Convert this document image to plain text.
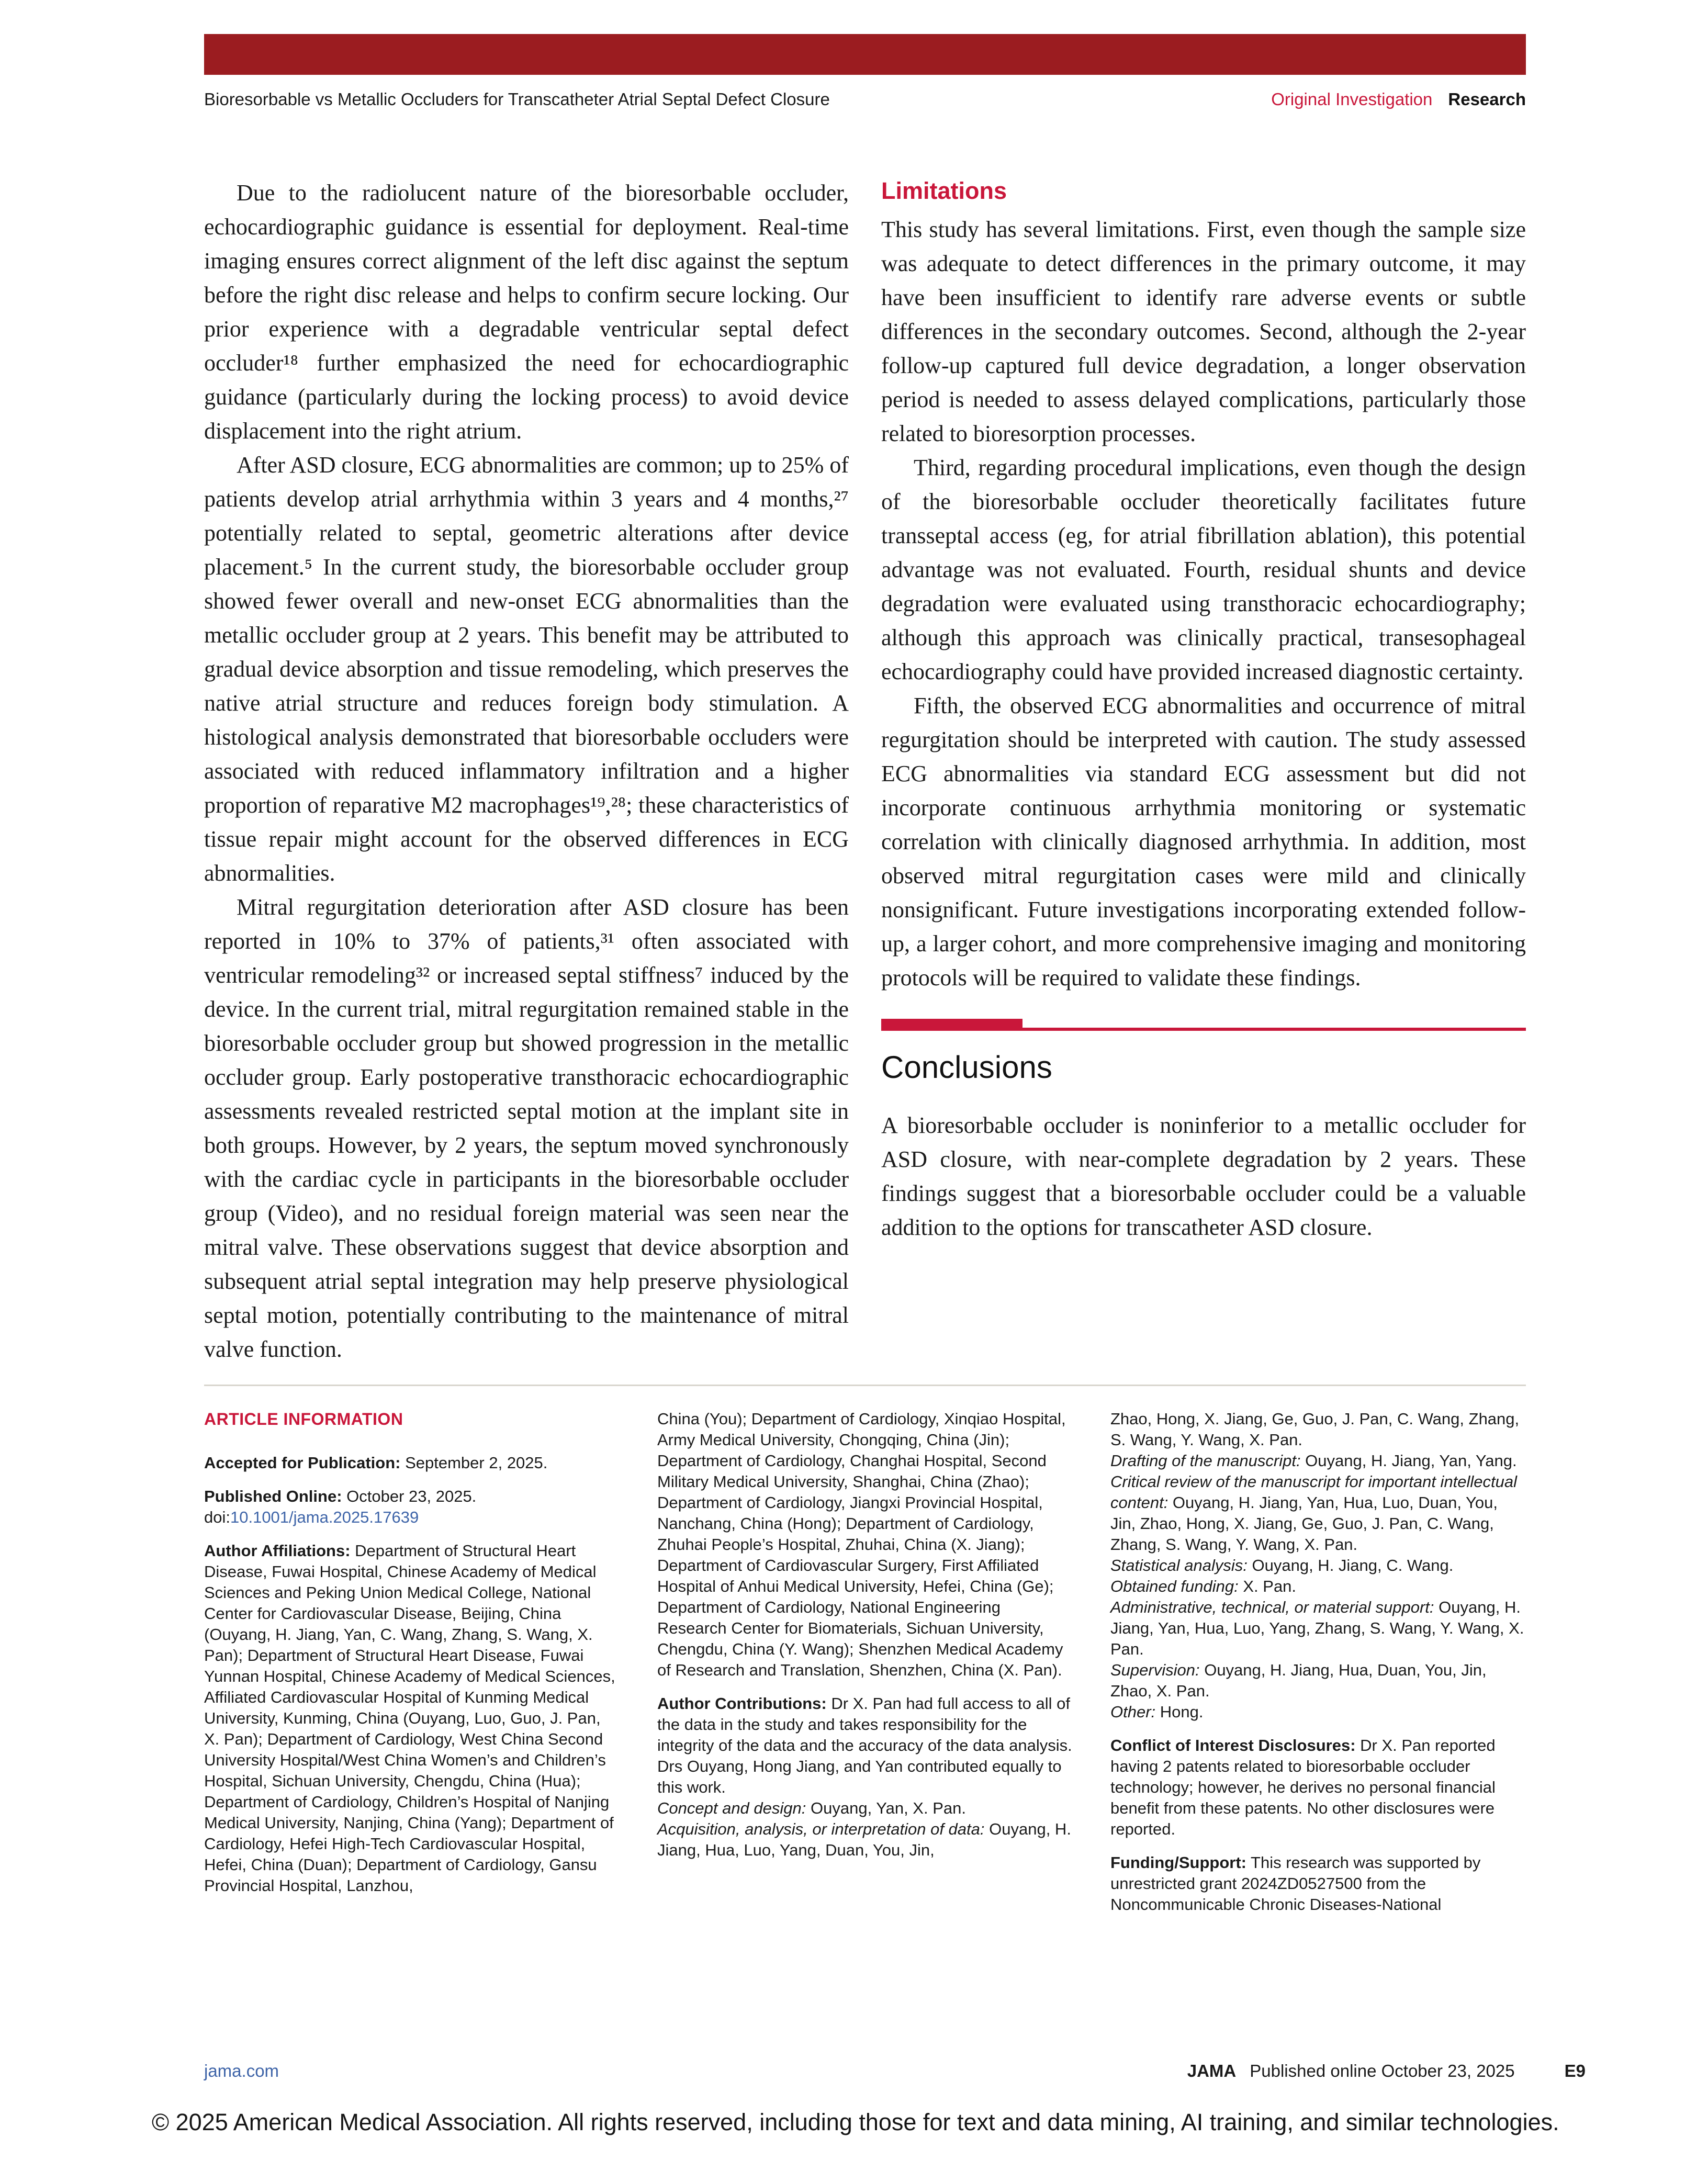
Bioresorbable vs Metallic Occluders for Transcatheter Atrial Septal Defect Closure	Original Investigation Research

Due to the radiolucent nature of the bioresorbable occluder, echocardiographic guidance is essential for deployment. Real-time imaging ensures correct alignment of the left disc against the septum before the right disc release and helps to confirm secure locking. Our prior experience with a degradable ventricular septal defect occluder¹⁸ further emphasized the need for echocardiographic guidance (particularly during the locking process) to avoid device displacement into the right atrium.

After ASD closure, ECG abnormalities are common; up to 25% of patients develop atrial arrhythmia within 3 years and 4 months,²⁷ potentially related to septal, geometric alterations after device placement.⁵ In the current study, the bioresorbable occluder group showed fewer overall and new-onset ECG abnormalities than the metallic occluder group at 2 years. This benefit may be attributed to gradual device absorption and tissue remodeling, which preserves the native atrial structure and reduces foreign body stimulation. A histological analysis demonstrated that bioresorbable occluders were associated with reduced inflammatory infiltration and a higher proportion of reparative M2 macrophages¹⁹,²⁸; these characteristics of tissue repair might account for the observed differences in ECG abnormalities.

Mitral regurgitation deterioration after ASD closure has been reported in 10% to 37% of patients,³¹ often associated with ventricular remodeling³² or increased septal stiffness⁷ induced by the device. In the current trial, mitral regurgitation remained stable in the bioresorbable occluder group but showed progression in the metallic occluder group. Early postoperative transthoracic echocardiographic assessments revealed restricted septal motion at the implant site in both groups. However, by 2 years, the septum moved synchronously with the cardiac cycle in participants in the bioresorbable occluder group (Video), and no residual foreign material was seen near the mitral valve. These observations suggest that device absorption and subsequent atrial septal integration may help preserve physiological septal motion, potentially contributing to the maintenance of mitral valve function.

Limitations

This study has several limitations. First, even though the sample size was adequate to detect differences in the primary outcome, it may have been insufficient to identify rare adverse events or subtle differences in the secondary outcomes. Second, although the 2-year follow-up captured full device degradation, a longer observation period is needed to assess delayed complications, particularly those related to bioresorption processes.

Third, regarding procedural implications, even though the design of the bioresorbable occluder theoretically facilitates future transseptal access (eg, for atrial fibrillation ablation), this potential advantage was not evaluated. Fourth, residual shunts and device degradation were evaluated using transthoracic echocardiography; although this approach was clinically practical, transesophageal echocardiography could have provided increased diagnostic certainty.

Fifth, the observed ECG abnormalities and occurrence of mitral regurgitation should be interpreted with caution. The study assessed ECG abnormalities via standard ECG assessment but did not incorporate continuous arrhythmia monitoring or systematic correlation with clinically diagnosed arrhythmia. In addition, most observed mitral regurgitation cases were mild and clinically nonsignificant. Future investigations incorporating extended follow-up, a larger cohort, and more comprehensive imaging and monitoring protocols will be required to validate these findings.

Conclusions

A bioresorbable occluder is noninferior to a metallic occluder for ASD closure, with near-complete degradation by 2 years. These findings suggest that a bioresorbable occluder could be a valuable addition to the options for transcatheter ASD closure.

ARTICLE INFORMATION

Accepted for Publication: September 2, 2025.

Published Online: October 23, 2025. doi:10.1001/jama.2025.17639

Author Affiliations: Department of Structural Heart Disease, Fuwai Hospital, Chinese Academy of Medical Sciences and Peking Union Medical College, National Center for Cardiovascular Disease, Beijing, China (Ouyang, H. Jiang, Yan, C. Wang, Zhang, S. Wang, X. Pan); Department of Structural Heart Disease, Fuwai Yunnan Hospital, Chinese Academy of Medical Sciences, Affiliated Cardiovascular Hospital of Kunming Medical University, Kunming, China (Ouyang, Luo, Guo, J. Pan, X. Pan); Department of Cardiology, West China Second University Hospital/West China Women’s and Children’s Hospital, Sichuan University, Chengdu, China (Hua); Department of Cardiology, Children’s Hospital of Nanjing Medical University, Nanjing, China (Yang); Department of Cardiology, Hefei High-Tech Cardiovascular Hospital, Hefei, China (Duan); Department of Cardiology, Gansu Provincial Hospital, Lanzhou,

China (You); Department of Cardiology, Xinqiao Hospital, Army Medical University, Chongqing, China (Jin); Department of Cardiology, Changhai Hospital, Second Military Medical University, Shanghai, China (Zhao); Department of Cardiology, Jiangxi Provincial Hospital, Nanchang, China (Hong); Department of Cardiology, Zhuhai People’s Hospital, Zhuhai, China (X. Jiang); Department of Cardiovascular Surgery, First Affiliated Hospital of Anhui Medical University, Hefei, China (Ge); Department of Cardiology, National Engineering Research Center for Biomaterials, Sichuan University, Chengdu, China (Y. Wang); Shenzhen Medical Academy of Research and Translation, Shenzhen, China (X. Pan).

Author Contributions: Dr X. Pan had full access to all of the data in the study and takes responsibility for the integrity of the data and the accuracy of the data analysis. Drs Ouyang, Hong Jiang, and Yan contributed equally to this work.

Concept and design: Ouyang, Yan, X. Pan.

Acquisition, analysis, or interpretation of data: Ouyang, H. Jiang, Hua, Luo, Yang, Duan, You, Jin,

Zhao, Hong, X. Jiang, Ge, Guo, J. Pan, C. Wang, Zhang, S. Wang, Y. Wang, X. Pan.

Drafting of the manuscript: Ouyang, H. Jiang, Yan, Yang.

Critical review of the manuscript for important intellectual content: Ouyang, H. Jiang, Yan, Hua, Luo, Duan, You, Jin, Zhao, Hong, X. Jiang, Ge, Guo, J. Pan, C. Wang, Zhang, S. Wang, Y. Wang, X. Pan.

Statistical analysis: Ouyang, H. Jiang, C. Wang.

Obtained funding: X. Pan.

Administrative, technical, or material support: Ouyang, H. Jiang, Yan, Hua, Luo, Yang, Zhang, S. Wang, Y. Wang, X. Pan.

Supervision: Ouyang, H. Jiang, Hua, Duan, You, Jin, Zhao, X. Pan.

Other: Hong.

Conflict of Interest Disclosures: Dr X. Pan reported having 2 patents related to bioresorbable occluder technology; however, he derives no personal financial benefit from these patents. No other disclosures were reported.

Funding/Support: This research was supported by unrestricted grant 2024ZD0527500 from the Noncommunicable Chronic Diseases-National

jama.com	JAMA Published online October 23, 2025	E9
© 2025 American Medical Association. All rights reserved, including those for text and data mining, AI training, and similar technologies.
